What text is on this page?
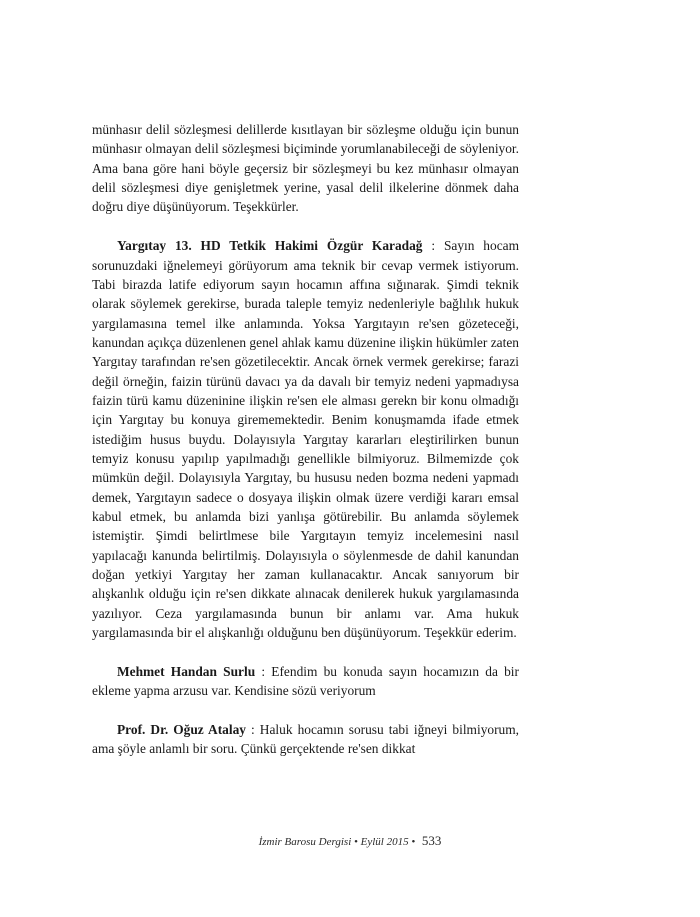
münhasır delil sözleşmesi delillerde kısıtlayan bir sözleşme olduğu için bunun münhasır olmayan delil sözleşmesi biçiminde yorumlanabileceği de söyleniyor. Ama bana göre hani böyle geçersiz bir sözleşmeyi bu kez münhasır olmayan delil sözleşmesi diye genişletmek yerine, yasal delil ilkelerine dönmek daha doğru diye düşünüyorum. Teşekkürler.

Yargıtay 13. HD Tetkik Hakimi Özgür Karadağ : Sayın hocam sorunuzdaki iğnelemeyi görüyorum ama teknik bir cevap vermek istiyorum. Tabi birazda latife ediyorum sayın hocamın affına sığınarak. Şimdi teknik olarak söylemek gerekirse, burada taleple temyiz nedenleriyle bağlılık hukuk yargılamasına temel ilke anlamında. Yoksa Yargıtayın re'sen gözeteceği, kanundan açıkça düzenlenen genel ahlak kamu düzenine ilişkin hükümler zaten Yargıtay tarafından re'sen gözetilecektir. Ancak örnek vermek gerekirse; farazi değil örneğin, faizin türünü davacı ya da davalı bir temyiz nedeni yapmadıysa faizin türü kamu düzeninine ilişkin re'sen ele alması gerekn bir konu olmadığı için Yargıtay bu konuya girememektedir. Benim konuşmamda ifade etmek istediğim husus buydu. Dolayısıyla Yargıtay kararları eleştirilirken bunun temyiz konusu yapılıp yapılmadığı genellikle bilmiyoruz. Bilmemizde çok mümkün değil. Dolayısıyla Yargıtay, bu hususu neden bozma nedeni yapmadı demek, Yargıtayın sadece o dosyaya ilişkin olmak üzere verdiği kararı emsal kabul etmek, bu anlamda bizi yanlışa götürebilir. Bu anlamda söylemek istemiştir. Şimdi belirtlmese bile Yargıtayın temyiz incelemesini nasıl yapılacağı kanunda belirtilmiş. Dolayısıyla o söylenmesde de dahil kanundan doğan yetkiyi Yargıtay her zaman kullanacaktır. Ancak sanıyorum bir alışkanlık olduğu için re'sen dikkate alınacak denilerek hukuk yargılamasında yazılıyor. Ceza yargılamasında bunun bir anlamı var. Ama hukuk yargılamasında bir el alışkanlığı olduğunu ben düşünüyorum. Teşekkür ederim.

Mehmet Handan Surlu : Efendim bu konuda sayın hocamızın da bir ekleme yapma arzusu var. Kendisine sözü veriyorum

Prof. Dr. Oğuz Atalay : Haluk hocamın sorusu tabi iğneyi bilmiyorum, ama şöyle anlamlı bir soru. Çünkü gerçektende re'sen dikkat

İzmir Barosu Dergisi • Eylül 2015 • 533
